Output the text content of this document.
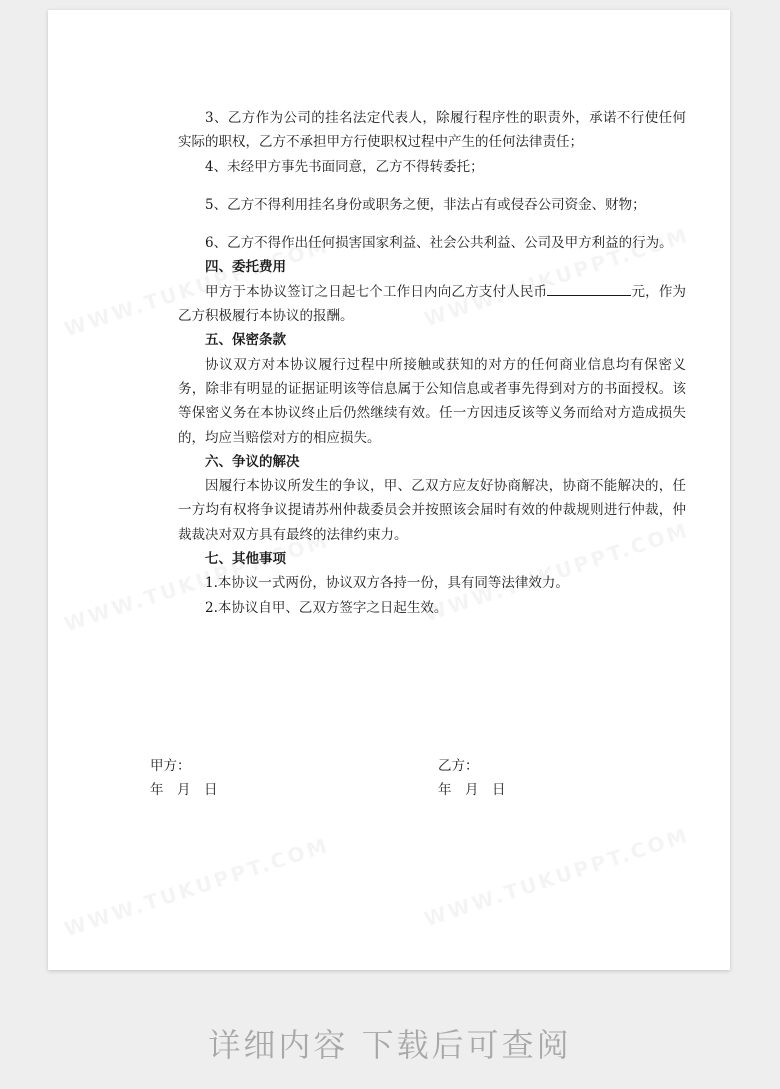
3、乙方作为公司的挂名法定代表人，除履行程序性的职责外，承诺不行使任何实际的职权，乙方不承担甲方行使职权过程中产生的任何法律责任；

4、未经甲方事先书面同意，乙方不得转委托；

5、乙方不得利用挂名身份或职务之便，非法占有或侵吞公司资金、财物；

6、乙方不得作出任何损害国家利益、社会公共利益、公司及甲方利益的行为。

四、委托费用

甲方于本协议签订之日起七个工作日内向乙方支付人民币	元，作为乙方积极履行本协议的报酬。

五、保密条款

协议双方对本协议履行过程中所接触或获知的对方的任何商业信息均有保密义务，除非有明显的证据证明该等信息属于公知信息或者事先得到对方的书面授权。该等保密义务在本协议终止后仍然继续有效。任一方因违反该等义务而给对方造成损失的，均应当赔偿对方的相应损失。

六、争议的解决

因履行本协议所发生的争议，甲、乙双方应友好协商解决，协商不能解决的，任一方均有权将争议提请苏州仲裁委员会并按照该会届时有效的仲裁规则进行仲裁，仲裁裁决对双方具有最终的法律约束力。

七、其他事项

1.本协议一式两份，协议双方各持一份，具有同等法律效力。

2.本协议自甲、乙双方签字之日起生效。

甲方：
年　月　日
乙方：
年　月　日
详细内容 下载后可查阅
